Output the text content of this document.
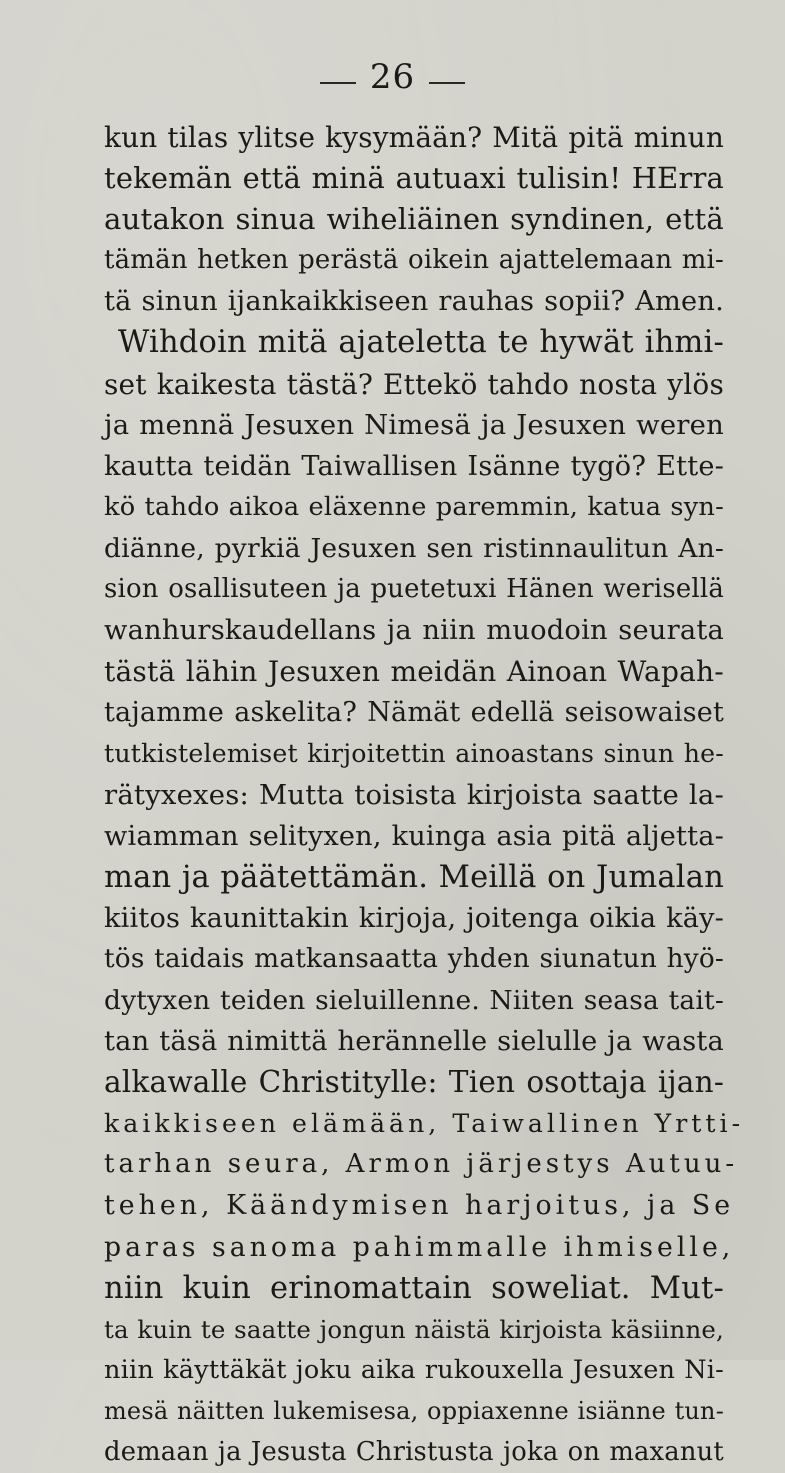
26
kun tilas ylitse kysymään? Mitä pitä minun
tekemän että minä autuaxi tulisin! HErra
autakon sinua wiheliäinen syndinen, että
tämän hetken perästä oikein ajattelemaan mi-
tä sinun ijankaikkiseen rauhas sopii? Amen.
Wihdoin mitä ajateletta te hywät ihmi-
set kaikesta tästä? Ettekö tahdo nosta ylös
ja mennä Jesuxen Nimesä ja Jesuxen weren
kautta teidän Taiwallisen Isänne tygö? Ette-
kö tahdo aikoa eläxenne paremmin, katua syn-
diänne, pyrkiä Jesuxen sen ristinnaulitun An-
sion osallisuteen ja puetetuxi Hänen werisellä
wanhurskaudellans ja niin muodoin seurata
tästä lähin Jesuxen meidän Ainoan Wapah-
tajamme askelita? Nämät edellä seisowaiset
tutkistelemiset kirjoitettin ainoastans sinun he-
rätyxexes: Mutta toisista kirjoista saatte la-
wiamman selityxen, kuinga asia pitä aljetta-
man ja päätettämän. Meillä on Jumalan
kiitos kaunittakin kirjoja, joitenga oikia käy-
tös taidais matkansaatta yhden siunatun hyö-
dytyxen teiden sieluillenne. Niiten seasa tait-
tan täsä nimittä herännelle sielulle ja wasta
alkawalle Christitylle: Tien osottaja ijan-
kaikkiseen elämään, Taiwallinen Yrtti-
tarhan seura, Armon järjestys Autuu-
tehen, Käändymisen harjoitus, ja Se
paras sanoma pahimmalle ihmiselle,
niin kuin erinomattain soweliat. Mut-
ta kuin te saatte jongun näistä kirjoista käsiinne,
niin käyttäkät joku aika rukouxella Jesuxen Ni-
mesä näitten lukemisesa, oppiaxenne isiänne tun-
demaan ja Jesusta Christusta joka on maxanut
